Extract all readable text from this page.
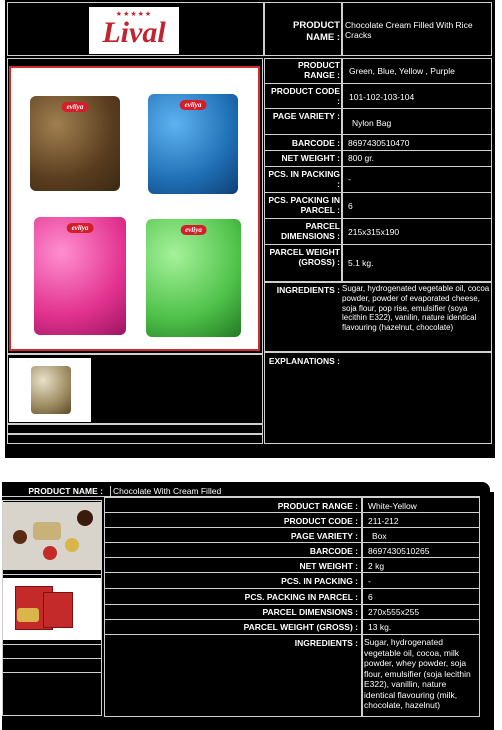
★★★★★
Lival	PRODUCT NAME :
Chocolate Cream Filled With Rice Cracks
evliya	evliya
evliya	evliya
PRODUCT RANGE : Green, Blue, Yellow , Purple
PRODUCT CODE : 101-102-103-104
PAGE VARIETY :
Nylon Bag
BARCODE : 8697430510470
NET WEIGHT : 800 gr.
PCS. IN PACKING : -
PCS. PACKING IN PARCEL : 6
PARCEL DIMENSIONS : 215x315x190
PARCEL WEIGHT (GROSS) : 5.1 kg.
INGREDIENTS : Sugar, hydrogenated vegetable oil, cocoa powder, powder of evaporated cheese, soja flour, pop rise, emulsifier (soya lecithin E322), vanilin, nature identical flavouring (hazelnut, chocolate)
EXPLANATIONS :
PRODUCT NAME :	Chocolate With Cream Filled
PRODUCT RANGE : White-Yellow
PRODUCT CODE : 211-212
PAGE VARIETY : Box
BARCODE : 8697430510265
NET WEIGHT : 2 kg
PCS. IN PACKING : -
PCS. PACKING IN PARCEL : 6
PARCEL DIMENSIONS : 270x555x255
PARCEL WEIGHT (GROSS) : 13 kg.
INGREDIENTS : Sugar, hydrogenated vegetable oil, cocoa, milk powder, whey powder, soja flour, emulsifier (soja lecithin E322), vanillin, nature identical flavouring (milk, chocolate, hazelnut)
